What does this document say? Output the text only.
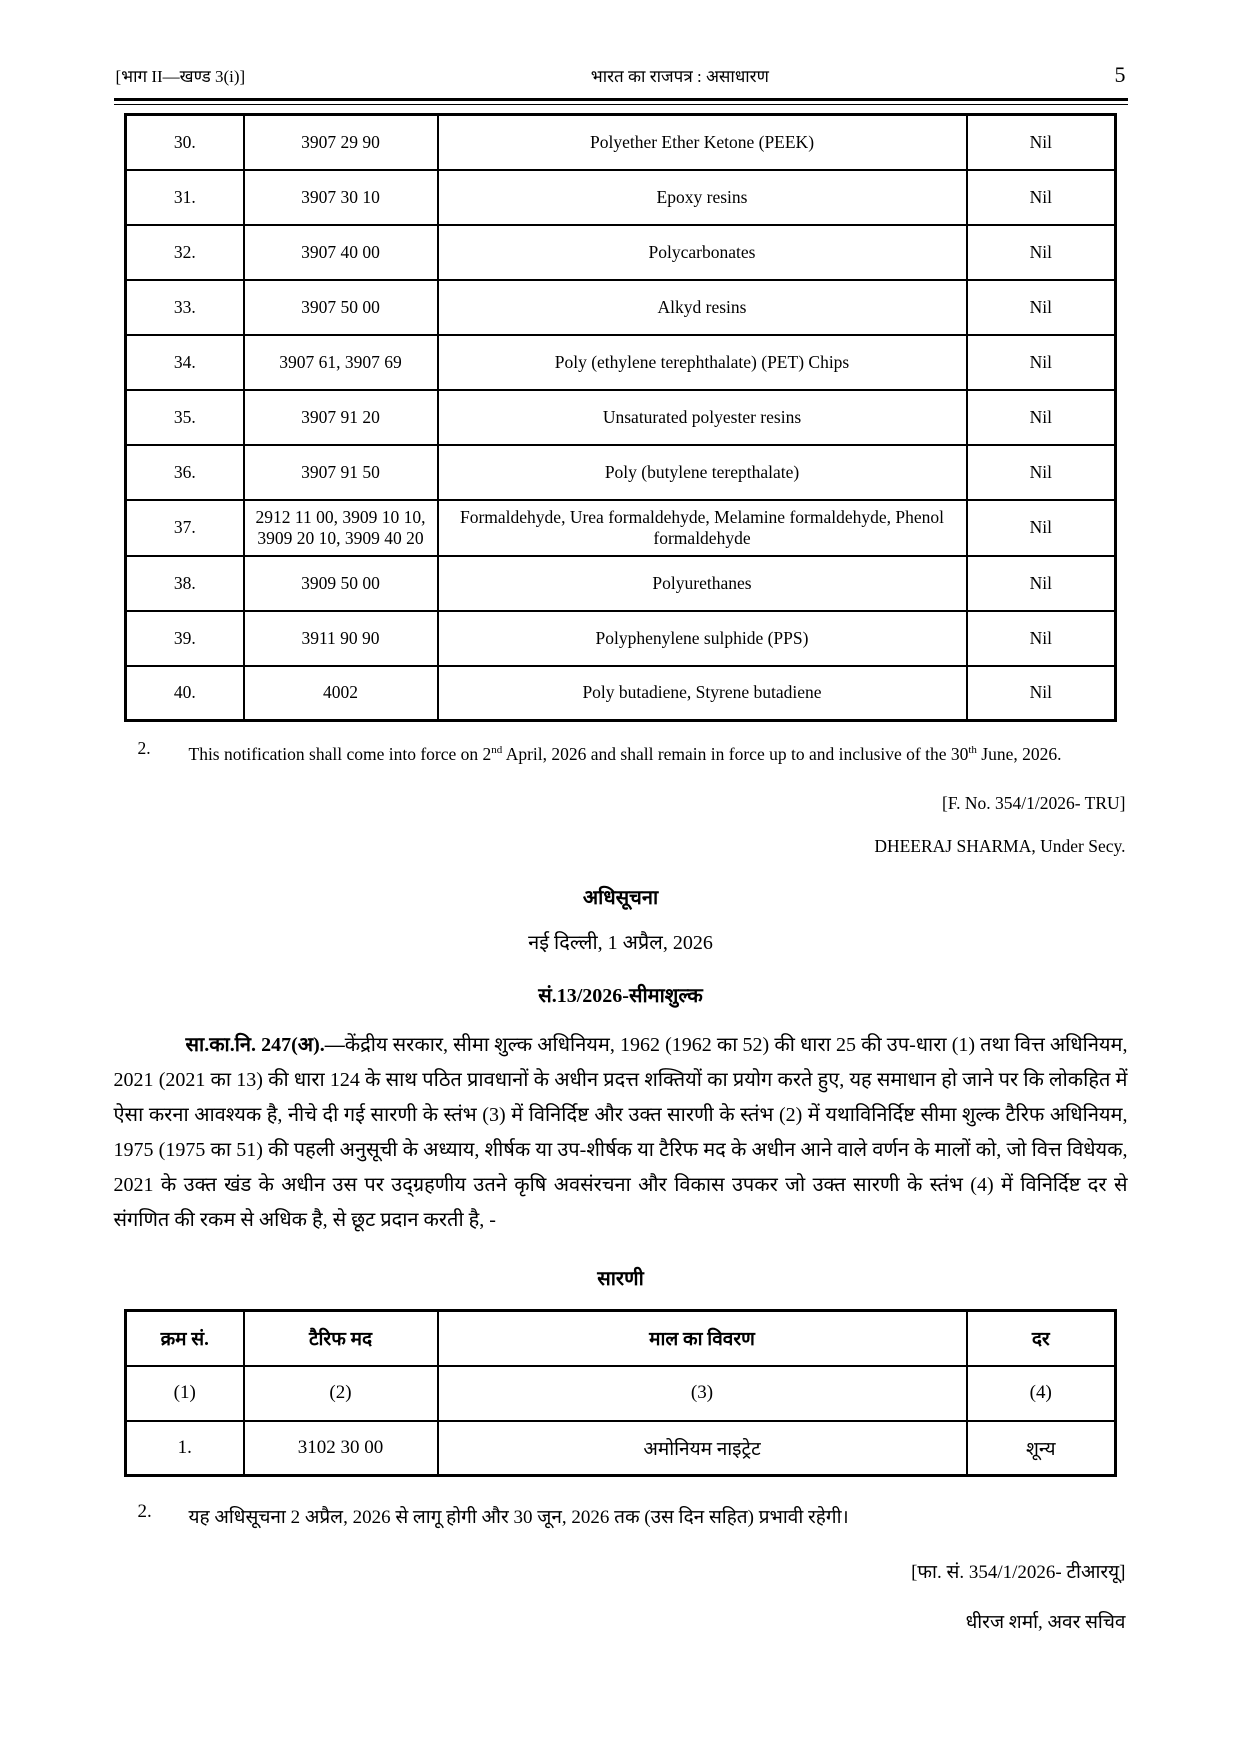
[भाग II—खण्ड 3(i)]	भारत का राजपत्र : असाधारण	5
30.	3907 29 90	Polyether Ether Ketone (PEEK)	Nil
31.	3907 30 10	Epoxy resins	Nil
32.	3907 40 00	Polycarbonates	Nil
33.	3907 50 00	Alkyd resins	Nil
34.	3907 61, 3907 69	Poly (ethylene terephthalate) (PET) Chips	Nil
35.	3907 91 20	Unsaturated polyester resins	Nil
36.	3907 91 50	Poly (butylene terepthalate)	Nil
37.	2912 11 00, 3909 10 10, 3909 20 10, 3909 40 20	Formaldehyde, Urea formaldehyde, Melamine formaldehyde, Phenol formaldehyde	Nil
38.	3909 50 00	Polyurethanes	Nil
39.	3911 90 90	Polyphenylene sulphide (PPS)	Nil
40.	4002	Poly butadiene, Styrene butadiene	Nil
2.	This notification shall come into force on 2nd April, 2026 and shall remain in force up to and inclusive of the 30th June, 2026.
[F. No. 354/1/2026- TRU]
DHEERAJ SHARMA, Under Secy.
अधिसूचना
नई दिल्ली, 1 अप्रैल, 2026
सं.13/2026-सीमाशुल्क
सा.का.नि. 247(अ).—केंद्रीय सरकार, सीमा शुल्क अधिनियम, 1962 (1962 का 52) की धारा 25 की उप-धारा (1) तथा वित्त अधिनियम, 2021 (2021 का 13) की धारा 124 के साथ पठित प्रावधानों के अधीन प्रदत्त शक्तियों का प्रयोग करते हुए, यह समाधान हो जाने पर कि लोकहित में ऐसा करना आवश्यक है, नीचे दी गई सारणी के स्तंभ (3) में विनिर्दिष्ट और उक्त सारणी के स्तंभ (2) में यथाविनिर्दिष्ट सीमा शुल्क टैरिफ अधिनियम, 1975 (1975 का 51) की पहली अनुसूची के अध्याय, शीर्षक या उप-शीर्षक या टैरिफ मद के अधीन आने वाले वर्णन के मालों को, जो वित्त विधेयक, 2021 के उक्त खंड के अधीन उस पर उद्ग्रहणीय उतने कृषि अवसंरचना और विकास उपकर जो उक्त सारणी के स्तंभ (4) में विनिर्दिष्ट दर से संगणित की रकम से अधिक है, से छूट प्रदान करती है, -
सारणी
क्रम सं.	टैरिफ मद	माल का विवरण	दर
(1)	(2)	(3)	(4)
1.	3102 30 00	अमोनियम नाइट्रेट	शून्य
2.	यह अधिसूचना 2 अप्रैल, 2026 से लागू होगी और 30 जून, 2026 तक (उस दिन सहित) प्रभावी रहेगी।
[फा. सं. 354/1/2026- टीआरयू]
धीरज शर्मा, अवर सचिव
